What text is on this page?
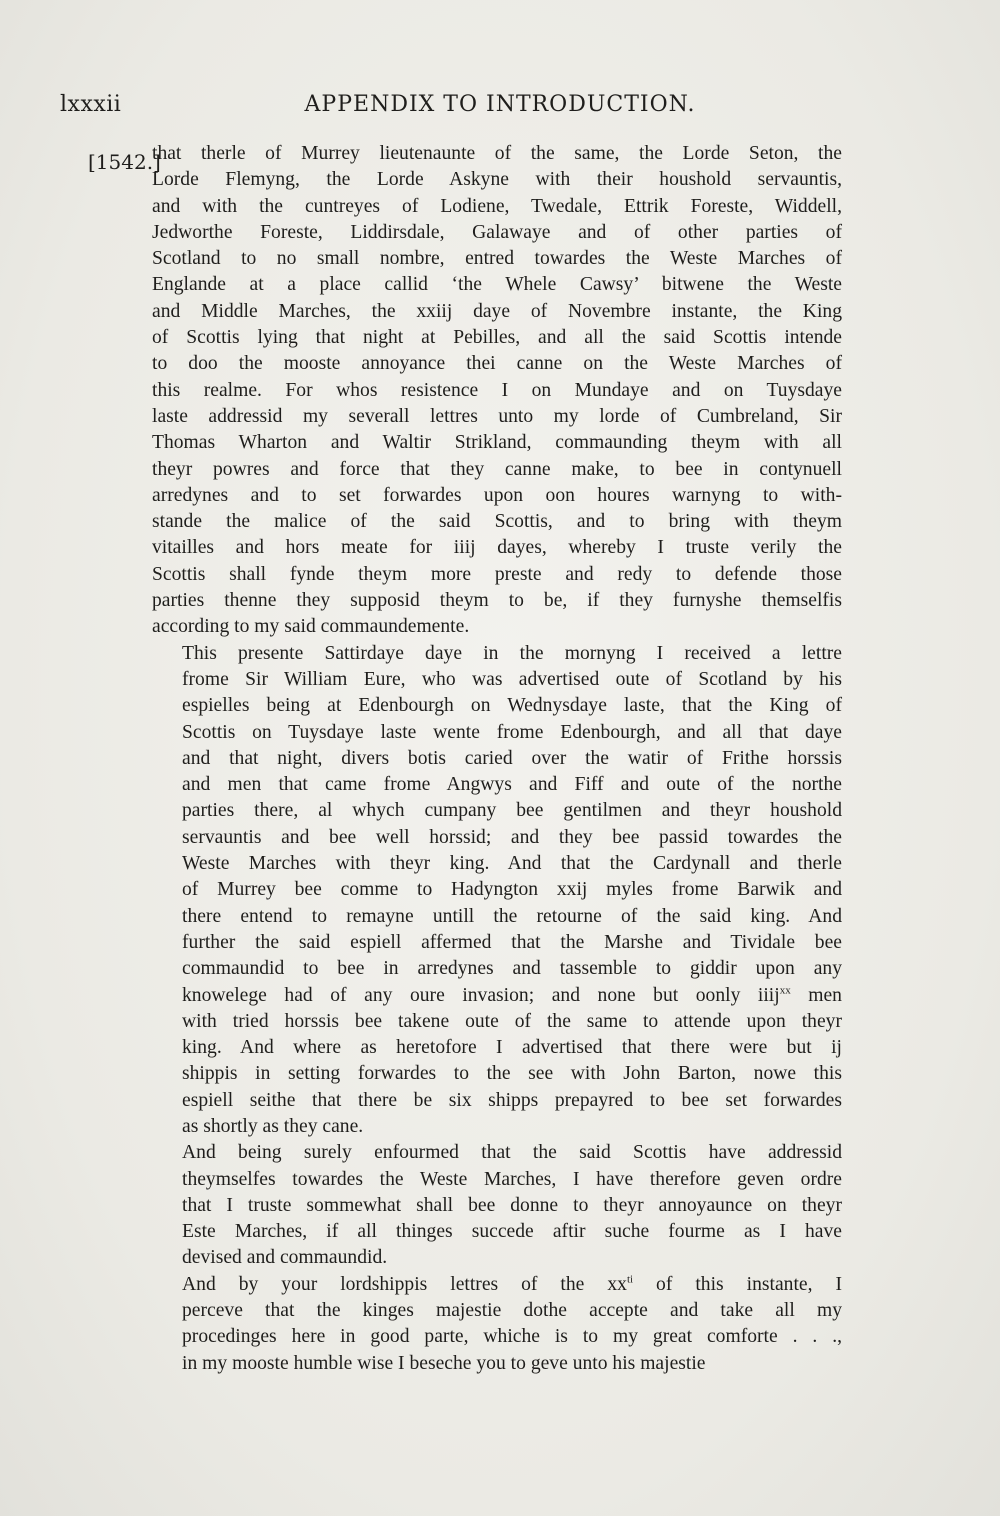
lxxxii	APPENDIX TO INTRODUCTION.
[1542.]

that therle of Murrey lieutenaunte of the same, the Lorde Seton, the
Lorde Flemyng, the Lorde Askyne with their houshold servauntis,
and with the cuntreyes of Lodiene, Twedale, Ettrik Foreste, Widdell,
Jedworthe Foreste, Liddirsdale, Galawaye and of other parties of
Scotland to no small nombre, entred towardes the Weste Marches of
Englande at a place callid ‘the Whele Cawsy’ bitwene the Weste
and Middle Marches, the xxiij daye of Novembre instante, the King
of Scottis lying that night at Pebilles, and all the said Scottis intende
to doo the mooste annoyance thei canne on the Weste Marches of
this realme. For whos resistence I on Mundaye and on Tuysdaye
laste addressid my severall lettres unto my lorde of Cumbreland, Sir
Thomas Wharton and Waltir Strikland, commaunding theym with all
theyr powres and force that they canne make, to bee in contynuell
arredynes and to set forwardes upon oon houres warnyng to with-
stande the malice of the said Scottis, and to bring with theym
vitailles and hors meate for iiij dayes, whereby I truste verily the
Scottis shall fynde theym more preste and redy to defende those
parties thenne they supposid theym to be, if they furnyshe themselfis
according to my said commaundemente.

This presente Sattirdaye daye in the mornyng I received a lettre
frome Sir William Eure, who was advertised oute of Scotland by his
espielles being at Edenbourgh on Wednysdaye laste, that the King of
Scottis on Tuysdaye laste wente frome Edenbourgh, and all that daye
and that night, divers botis caried over the watir of Frithe horssis
and men that came frome Angwys and Fiff and oute of the northe
parties there, al whych cumpany bee gentilmen and theyr houshold
servauntis and bee well horssid; and they bee passid towardes the
Weste Marches with theyr king. And that the Cardynall and therle
of Murrey bee comme to Hadyngton xxij myles frome Barwik and
there entend to remayne untill the retourne of the said king. And
further the said espiell affermed that the Marshe and Tividale bee
commaundid to bee in arredynes and tassemble to giddir upon any
knowelege had of any oure invasion; and none but oonly iiij$^{xx}$ men
with tried horssis bee takene oute of the same to attende upon theyr
king. And where as heretofore I advertised that there were but ij
shippis in setting forwardes to the see with John Barton, nowe this
espiell seithe that there be six shipps prepayred to bee set forwardes
as shortly as they cane.

And being surely enfourmed that the said Scottis have addressid
theymselfes towardes the Weste Marches, I have therefore geven ordre
that I truste sommewhat shall bee donne to theyr annoyaunce on theyr
Este Marches, if all thinges succede aftir suche fourme as I have
devised and commaundid.

And by your lordshippis lettres of the $xx^{ti}$ of this instante, I
perceve that the kinges majestie dothe accepte and take all my
procedinges here in good parte, whiche is to my great comforte . . .,
in my mooste humble wise I beseche you to geve unto his majestie
